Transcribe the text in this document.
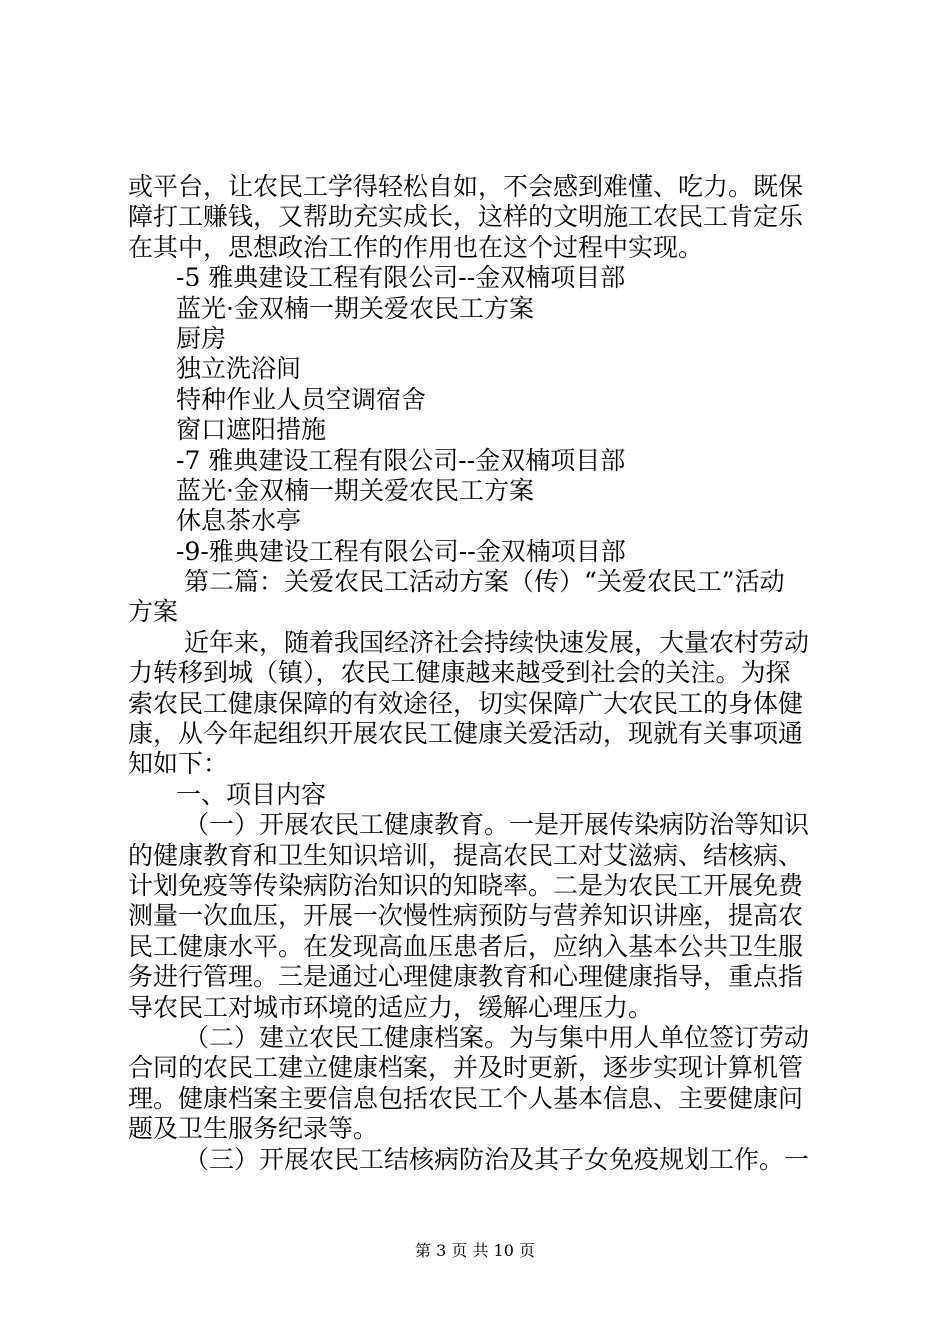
或平台，让农民工学得轻松自如，不会感到难懂、吃力。既保
障打工赚钱，又帮助充实成长，这样的文明施工农民工肯定乐
在其中，思想政治工作的作用也在这个过程中实现。
-5 雅典建设工程有限公司--金双楠项目部
蓝光·金双楠一期关爱农民工方案
厨房
独立洗浴间
特种作业人员空调宿舍
窗口遮阳措施
-7 雅典建设工程有限公司--金双楠项目部
蓝光·金双楠一期关爱农民工方案
休息茶水亭
-9-雅典建设工程有限公司--金双楠项目部
第二篇：关爱农民工活动方案（传）“关爱农民工”活动
方案
近年来，随着我国经济社会持续快速发展，大量农村劳动
力转移到城（镇），农民工健康越来越受到社会的关注。为探
索农民工健康保障的有效途径，切实保障广大农民工的身体健
康，从今年起组织开展农民工健康关爱活动，现就有关事项通
知如下：
一、项目内容
（一）开展农民工健康教育。一是开展传染病防治等知识
的健康教育和卫生知识培训，提高农民工对艾滋病、结核病、
计划免疫等传染病防治知识的知晓率。二是为农民工开展免费
测量一次血压，开展一次慢性病预防与营养知识讲座，提高农
民工健康水平。在发现高血压患者后，应纳入基本公共卫生服
务进行管理。三是通过心理健康教育和心理健康指导，重点指
导农民工对城市环境的适应力，缓解心理压力。
（二）建立农民工健康档案。为与集中用人单位签订劳动
合同的农民工建立健康档案，并及时更新，逐步实现计算机管
理。健康档案主要信息包括农民工个人基本信息、主要健康问
题及卫生服务纪录等。
（三）开展农民工结核病防治及其子女免疫规划工作。一
第 3 页 共 10 页
